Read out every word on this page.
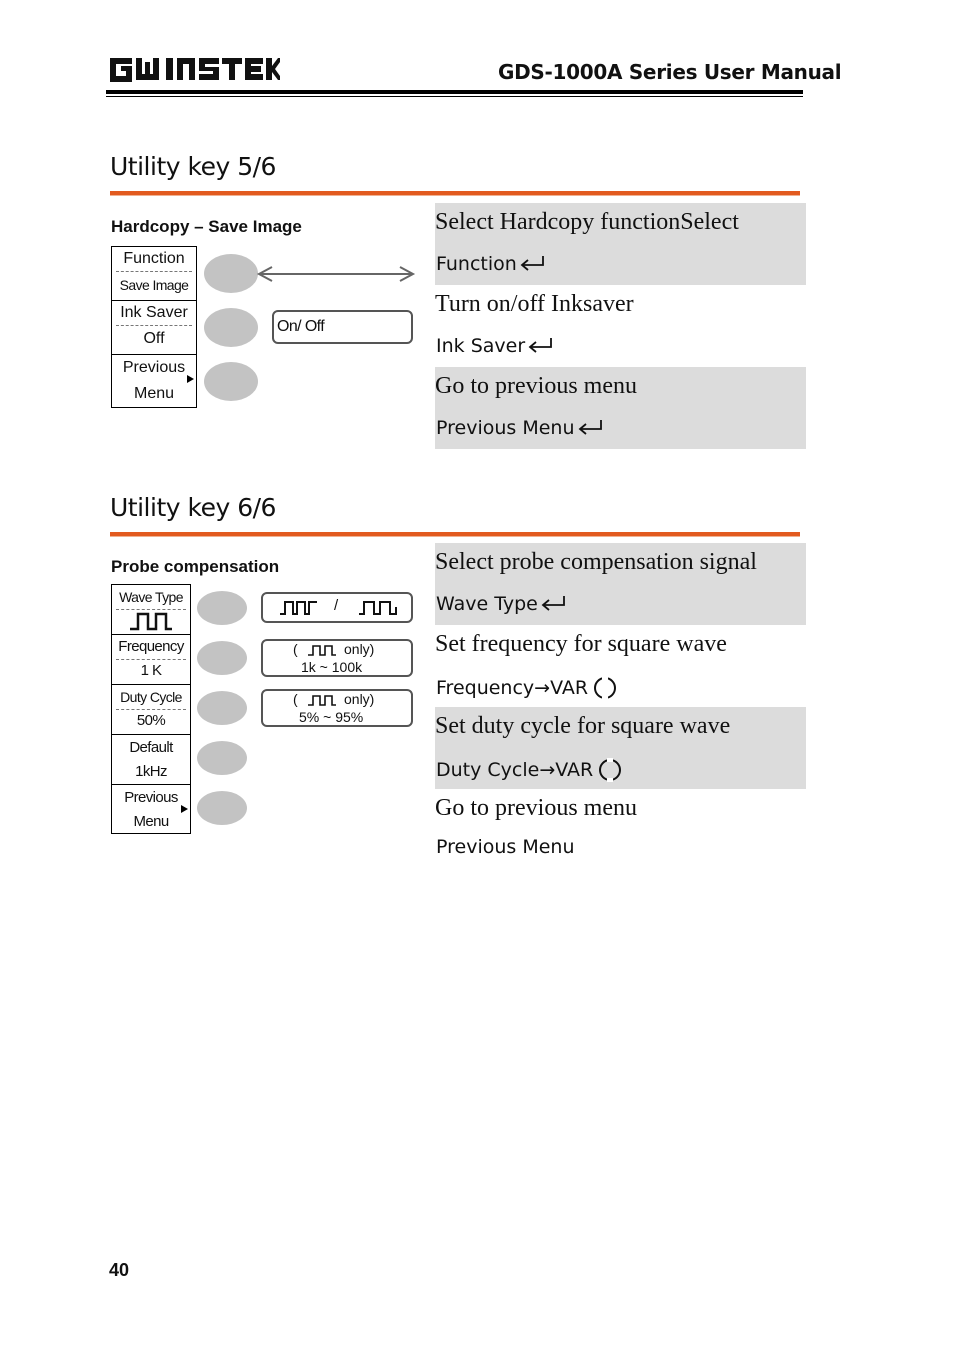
GDS-1000A Series User Manual
Utility key 5/6
Hardcopy – Save Image
Function
Save Image
Ink Saver
Off
Previous
Menu
On/ Off
Select Hardcopy functionSelect
Function
Turn on/off Inksaver
Ink Saver
Go to previous menu
Previous Menu
Utility key 6/6
Probe compensation
Wave Type
Frequency
1 K
Duty Cycle
50%
Default
1kHz
Previous
Menu
/
(	only)
1k ~ 100k
(	only)
5% ~ 95%
Select probe compensation signal
Wave Type
Set frequency for square wave
Frequency→VAR
Set duty cycle for square wave
Duty Cycle→VAR
Go to previous menu
Previous Menu
40
